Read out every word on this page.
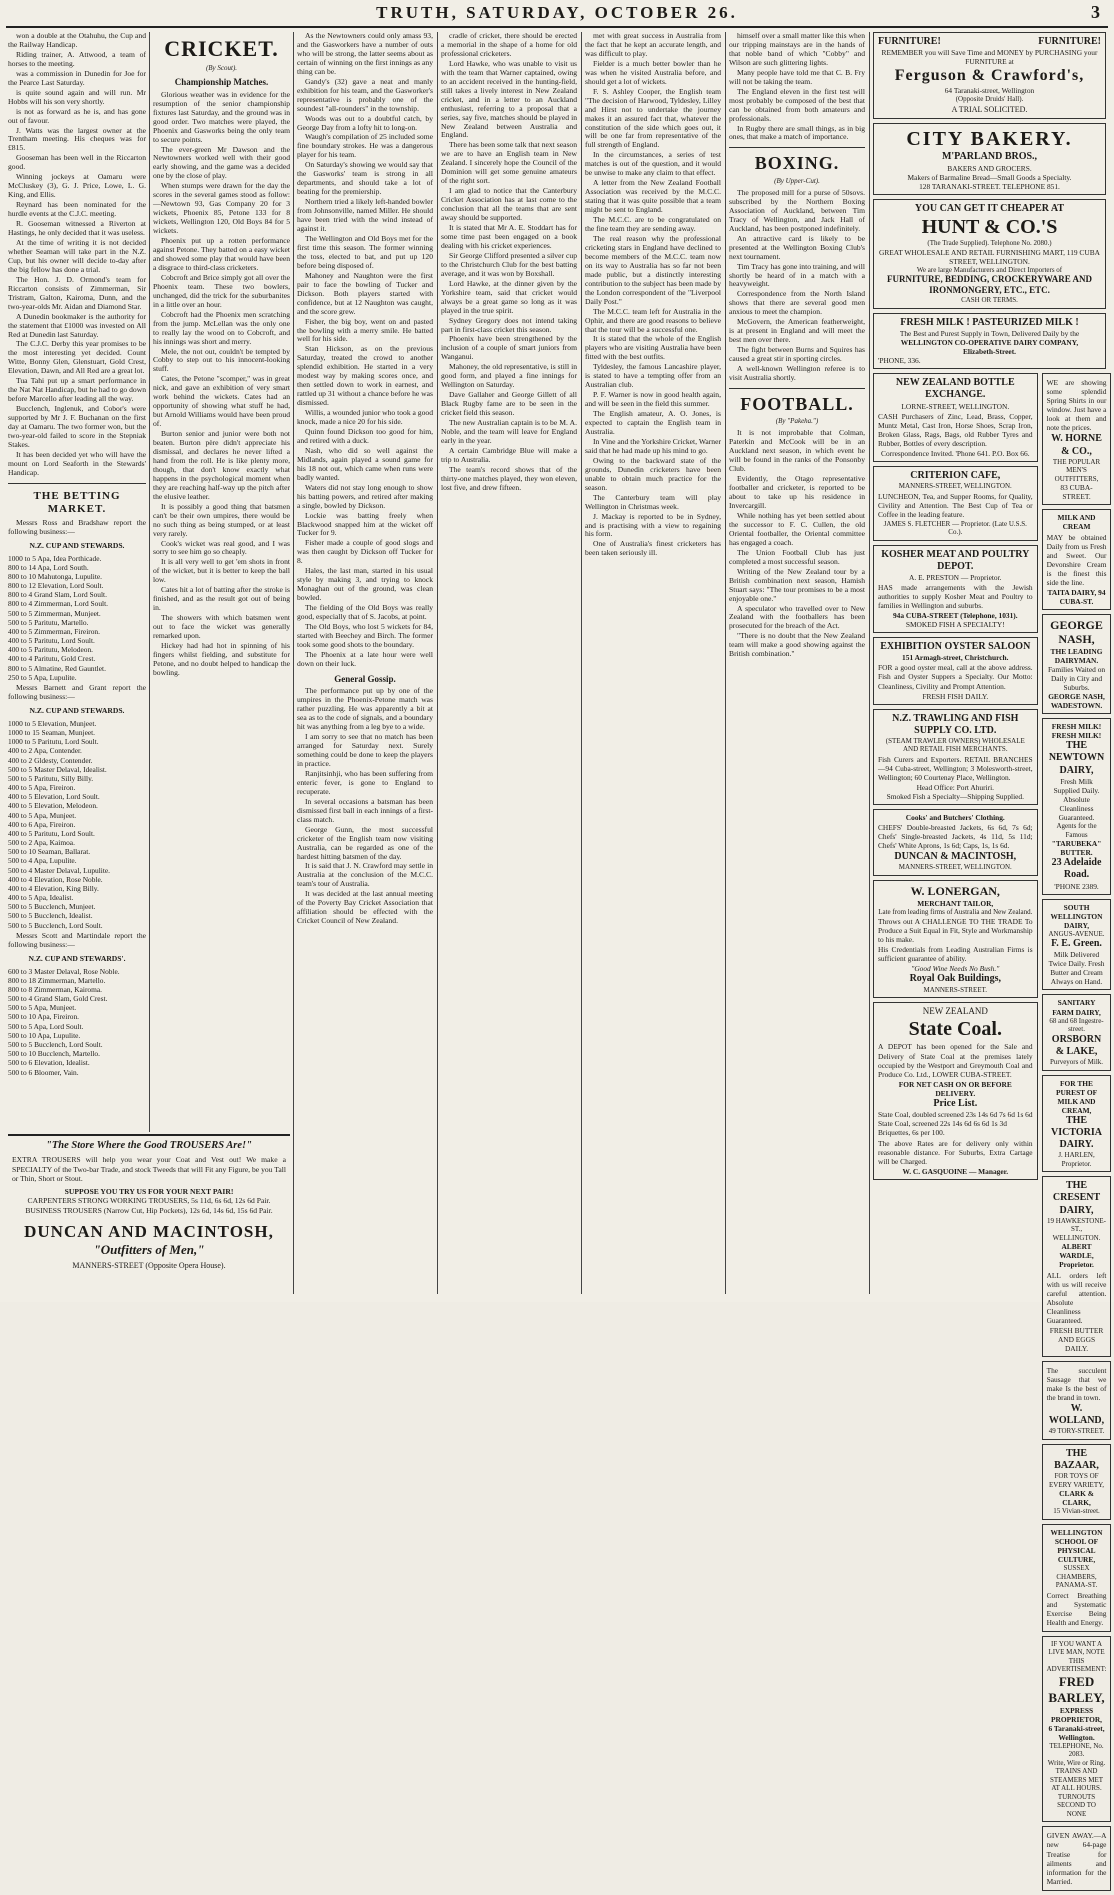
TRUTH, SATURDAY, OCTOBER 26.	3

won a double at the Otahuhu, the Cup and the Railway Handicap.

Riding trainer, A. Attwood, a team of horses to the meeting.

was a commission in Dunedin for Joe for the Pearce Last Saturday.

is quite sound again and will run. Mr Hobbs will his son very shortly.

is not as forward as he is, and has gone out of favour.

J. Watts was the largest owner at the Trentham meeting. His cheques was for £815.

Gooseman has been well in the Riccarton good.

Winning jockeys at Oamaru were McCluskey (3), G. J. Price, Lowe, L. G. King, and Ellis.

Reynard has been nominated for the hurdle events at the C.J.C. meeting.

R. Gooseman witnessed a Riverton at Hastings, he only decided that it was useless.

At the time of writing it is not decided whether Seaman will take part in the N.Z. Cup, but his owner will decide to-day after the big fellow has done a trial.

The Hon. J. D. Ormond's team for Riccarton consists of Zimmerman, Sir Tristram, Galton, Kairoma, Dunn, and the two-year-olds Mr. Aidan and Diamond Star.

A Dunedin bookmaker is the authority for the statement that £1000 was invested on All Red at Dunedin last Saturday.

The C.J.C. Derby this year promises to be the most interesting yet decided. Count Witte, Bonny Glen, Glenstuart, Gold Crest, Elevation, Dawn, and All Red are a great lot.

Tua Tahi put up a smart performance in the Nat Nat Handicap, but he had to go down before Marcello after leading all the way.

Bucclench, Inglenuk, and Cobor's were supported by Mr J. F. Buchanan on the first day at Oamaru. The two former won, but the two-year-old failed to score in the Stepniak Stakes.

It has been decided yet who will have the mount on Lord Seaforth in the Stewards' Handicap.

THE BETTING MARKET.

Messrs Ross and Bradshaw report the following business:—

N.Z. CUP AND STEWARDS.
1000 to 5 Apa, Idea Porthicade.
800 to 14 Apa, Lord South.
800 to 10 Mahutonga, Lupulite.
800 to 12 Elevation, Lord Soult.
800 to 4 Grand Slam, Lord Soult.
800 to 4 Zimmerman, Lord Soult.
500 to 5 Zimmerman, Munjeet.
500 to 5 Paritutu, Martello.
400 to 5 Zimmerman, Fireiron.
400 to 5 Paritutu, Lord Soult.
400 to 5 Paritutu, Melodeon.
400 to 4 Paritutu, Gold Crest.
800 to 5 Almatine, Red Gauntlet.
250 to 5 Apa, Lupulite.

Messrs Barnett and Grant report the following business:—

N.Z. CUP AND STEWARDS.
1000 to 5 Elevation, Munjeet.
1000 to 15 Seaman, Munjeet.
1000 to 5 Paritutu, Lord Soult.
400 to 2 Apa, Contender.
400 to 2 Gldesty, Contender.
500 to 5 Master Delaval, Idealist.
500 to 5 Paritutu, Silly Billy.
400 to 5 Apa, Fireiron.
400 to 5 Elevation, Lord Soult.
400 to 5 Elevation, Melodeon.
400 to 5 Apa, Munjeet.
400 to 6 Apa, Fireiron.
400 to 5 Paritutu, Lord Soult.
500 to 2 Apa, Kaimoa.
500 to 10 Seaman, Ballarat.
500 to 4 Apa, Lupulite.
500 to 4 Master Delaval, Lupulite.
400 to 4 Elevation, Rose Noble.
400 to 4 Elevation, King Billy.
400 to 5 Apa, Idealist.
500 to 5 Bucclench, Munjeet.
500 to 5 Bucclench, Idealist.
500 to 5 Bucclench, Lord Soult.

Messrs Scott and Martindale report the following business:—

N.Z. CUP AND STEWARDS'.
600 to 3 Master Delaval, Rose Noble.
800 to 18 Zimmerman, Martello.
800 to 8 Zimmerman, Kairoma.
500 to 4 Grand Slam, Gold Crest.
500 to 5 Apa, Munjeet.
500 to 10 Apa, Fireiron.
500 to 5 Apa, Lord Soult.
500 to 10 Apa, Lupulite.
500 to 5 Bucclench, Lord Soult.
500 to 10 Bucclench, Martello.
500 to 6 Elevation, Idealist.
500 to 6 Bloomer, Vain.
"The Store Where the Good TROUSERS Are!"
EXTRA TROUSERS will help you wear your Coat and Vest out! We make a SPECIALTY of the Two-bar Trade, and stock Tweeds that will Fit any Figure, be you Tall or Thin, Short or Stout.
SUPPOSE YOU TRY US FOR YOUR NEXT PAIR!
CARPENTERS STRONG WORKING TROUSERS, 5s 11d, 6s 6d, 12s 6d Pair.
BUSINESS TROUSERS (Narrow Cut, Hip Pockets), 12s 6d, 14s 6d, 15s 6d Pair.
DUNCAN AND MACINTOSH,
"Outfitters of Men,"
MANNERS-STREET (Opposite Opera House).
CRICKET.
(By Scout).
Championship Matches.

Glorious weather was in evidence for the resumption of the senior championship fixtures last Saturday, and the ground was in good order. Two matches were played, the Phoenix and Gasworks being the only team to secure points.

The ever-green Mr Dawson and the Newtowners worked well with their good early showing, and the game was a decided one by the close of play.

When stumps were drawn for the day the scores in the several games stood as follow:—Newtown 93, Gas Company 20 for 3 wickets, Phoenix 85, Petone 133 for 8 wickets, Wellington 120, Old Boys 84 for 5 wickets.

Phoenix put up a rotten performance against Petone. They batted on a easy wicket and showed some play that would have been a disgrace to third-class cricketers.

Cobcroft and Brice simply got all over the Phoenix team. These two bowlers, unchanged, did the trick for the suburbanites in a little over an hour.

Cobcroft had the Phoenix men scratching from the jump. McLellan was the only one to really lay the wood on to Cobcroft, and his innings was short and merry.

Mele, the not out, couldn't be tempted by Cobby to step out to his innocent-looking stuff.

Cates, the Petone "scomper," was in great nick, and gave an exhibition of very smart work behind the wickets. Cates had an opportunity of showing what stuff he had, but Arnold Williams would have been proud of.

Burton senior and junior were both not beaten. Burton père didn't appreciate his dismissal, and declares he never lifted a hand from the roll. He is like plenty more, though, that don't know exactly what happens in the psychological moment when they are reaching half-way up the pitch after the elusive leather.

It is possibly a good thing that batsmen can't be their own umpires, there would be no such thing as being stumped, or at least very rarely.

Cook's wicket was real good, and I was sorry to see him go so cheaply.

It is all very well to get 'em shots in front of the wicket, but it is better to keep the ball low.

Cates hit a lot of batting after the stroke is finished, and as the result got out of being in.

The showers with which batsmen went out to face the wicket was generally remarked upon.

Hickey had had hot in spinning of his fingers whilst fielding, and substitute for Petone, and no doubt helped to handicap the bowling.

As the Newtowners could only amass 93, and the Gasworkers have a number of outs who will be strong, the latter seems about as certain of winning on the first innings as any thing can be.

Gandy's (32) gave a neat and manly exhibition for his team, and the Gasworker's representative is probably one of the soundest "all-rounders" in the township.

Woods was out to a doubtful catch, by George Day from a lofty hit to long-on.

Waugh's compilation of 25 included some fine boundary strokes. He was a dangerous player for his team.

On Saturday's showing we would say that the Gasworks' team is strong in all departments, and should take a lot of beating for the premiership.

Northern tried a likely left-handed bowler from Johnsonville, named Miller. He should have been tried with the wind instead of against it.

The Wellington and Old Boys met for the first time this season. The former winning the toss, elected to bat, and put up 120 before being disposed of.

Mahoney and Naughton were the first pair to face the bowling of Tucker and Dickson. Both players started with confidence, but at 12 Naughton was caught, and the score grew.

Fisher, the big boy, went on and pasted the bowling with a merry smile. He batted well for his side.

Stan Hickson, as on the previous Saturday, treated the crowd to another splendid exhibition. He started in a very modest way by making scores once, and then settled down to work in earnest, and rattled up 31 without a chance before he was dismissed.

Willis, a wounded junior who took a good knock, made a nice 20 for his side.

Quinn found Dickson too good for him, and retired with a duck.

Nash, who did so well against the Midlands, again played a sound game for his 18 not out, which came when runs were badly wanted.

Waters did not stay long enough to show his batting powers, and retired after making a single, bowled by Dickson.

Lockie was batting freely when Blackwood snapped him at the wicket off Tucker for 9.

Fisher made a couple of good slogs and was then caught by Dickson off Tucker for 8.

Hales, the last man, started in his usual style by making 3, and trying to knock Monaghan out of the ground, was clean bowled.

The fielding of the Old Boys was really good, especially that of S. Jacobs, at point.

The Old Boys, who lost 5 wickets for 84, started with Beechey and Birch. The former took some good shots to the boundary.

The Phoenix at a late hour were well down on their luck.

General Gossip.

The performance put up by one of the umpires in the Phoenix-Petone match was rather puzzling. He was apparently a bit at sea as to the code of signals, and a boundary hit was anything from a leg bye to a wide.

I am sorry to see that no match has been arranged for Saturday next. Surely something could be done to keep the players in practice.

Ranjitsinhji, who has been suffering from enteric fever, is gone to England to recuperate.

In several occasions a batsman has been dismissed first ball in each innings of a first-class match.

George Gunn, the most successful cricketer of the English team now visiting Australia, can be regarded as one of the hardest hitting batsmen of the day.

It is said that J. N. Crawford may settle in Australia at the conclusion of the M.C.C. team's tour of Australia.

It was decided at the last annual meeting of the Poverty Bay Cricket Association that affiliation should be effected with the Cricket Council of New Zealand.

cradle of cricket, there should be erected a memorial in the shape of a home for old professional cricketers.

Lord Hawke, who was unable to visit us with the team that Warner captained, owing to an accident received in the hunting-field, still takes a lively interest in New Zealand cricket, and in a letter to an Auckland enthusiast, referring to a proposal that a series, say five, matches should be played in New Zealand between Australia and England.

There has been some talk that next season we are to have an English team in New Zealand. I sincerely hope the Council of the Dominion will get some genuine amateurs of the right sort.

I am glad to notice that the Canterbury Cricket Association has at last come to the conclusion that all the teams that are sent away should be supported.

It is stated that Mr A. E. Stoddart has for some time past been engaged on a book dealing with his cricket experiences.

Sir George Clifford presented a silver cup to the Christchurch Club for the best batting average, and it was won by Boxshall.

Lord Hawke, at the dinner given by the Yorkshire team, said that cricket would always be a great game so long as it was played in the true spirit.

Sydney Gregory does not intend taking part in first-class cricket this season.

Phoenix have been strengthened by the inclusion of a couple of smart juniors from Wanganui.

Mahoney, the old representative, is still in good form, and played a fine innings for Wellington on Saturday.

Dave Gallaher and George Gillett of all Black Rugby fame are to be seen in the cricket field this season.

The new Australian captain is to be M. A. Noble, and the team will leave for England early in the year.

A certain Cambridge Blue will make a trip to Australia.

The team's record shows that of the thirty-one matches played, they won eleven, lost five, and drew fifteen.

met with great success in Australia from the fact that he kept an accurate length, and was difficult to play.

Fielder is a much better bowler than he was when he visited Australia before, and should get a lot of wickets.

F. S. Ashley Cooper, the English team "The decision of Harwood, Tyldesley, Lilley and Hirst not to undertake the journey makes it an assured fact that, whatever the constitution of the side which goes out, it will be one far from representative of the full strength of England.

In the circumstances, a series of test matches is out of the question, and it would be unwise to make any claim to that effect.

A letter from the New Zealand Football Association was received by the M.C.C. stating that it was quite possible that a team might be sent to England.

The M.C.C. are to be congratulated on the fine team they are sending away.

The real reason why the professional cricketing stars in England have declined to become members of the M.C.C. team now on its way to Australia has so far not been made public, but a distinctly interesting contribution to the subject has been made by the London correspondent of the "Liverpool Daily Post."

The M.C.C. team left for Australia in the Ophir, and there are good reasons to believe that the tour will be a successful one.

It is stated that the whole of the English players who are visiting Australia have been fitted with the best outfits.

Tyldesley, the famous Lancashire player, is stated to have a tempting offer from an Australian club.

P. F. Warner is now in good health again, and will be seen in the field this summer.

The English amateur, A. O. Jones, is expected to captain the English team in Australia.

In Vine and the Yorkshire Cricket, Warner said that he had made up his mind to go.

Owing to the backward state of the grounds, Dunedin cricketers have been unable to obtain much practice for the season.

The Canterbury team will play Wellington in Christmas week.

J. Mackay is reported to be in Sydney, and is practising with a view to regaining his form.

One of Australia's finest cricketers has been taken seriously ill.

himself over a small matter like this when our tripping mainstays are in the hands of that noble band of which "Cobby" and Wilson are such glittering lights.

Many people have told me that C. B. Fry will not be taking the team.

The England eleven in the first test will most probably be composed of the best that can be obtained from both amateurs and professionals.

In Rugby there are small things, as in big ones, that make a match of importance.

BOXING.
(By Upper-Cut).

The proposed mill for a purse of 50sovs. subscribed by the Northern Boxing Association of Auckland, between Tim Tracy of Wellington, and Jack Hall of Auckland, has been postponed indefinitely.

An attractive card is likely to be presented at the Wellington Boxing Club's next tournament.

Tim Tracy has gone into training, and will shortly be heard of in a match with a heavyweight.

Correspondence from the North Island shows that there are several good men anxious to meet the champion.

McGovern, the American featherweight, is at present in England and will meet the best men over there.

The fight between Burns and Squires has caused a great stir in sporting circles.

A well-known Wellington referee is to visit Australia shortly.

FOOTBALL.
(By "Pakeha.")

It is not improbable that Colman, Paterkin and McCook will be in an Auckland next season, in which event he will be found in the ranks of the Ponsonby Club.

Evidently, the Otago representative footballer and cricketer, is reported to be about to take up his residence in Invercargill.

While nothing has yet been settled about the successor to F. C. Cullen, the old Oriental footballer, the Oriental committee has engaged a coach.

The Union Football Club has just completed a most successful season.

Writing of the New Zealand tour by a British combination next season, Hamish Stuart says: "The tour promises to be a most enjoyable one."

A speculator who travelled over to New Zealand with the footballers has been prosecuted for the breach of the Act.

"There is no doubt that the New Zealand team will make a good showing against the British combination."

FURNITURE!	FURNITURE!
REMEMBER you will Save Time and MONEY by PURCHASING your FURNITURE at
Ferguson & Crawford's,
64 Taranaki-street, Wellington
(Opposite Druids' Hall).
A TRIAL SOLICITED.
CITY BAKERY.
M'PARLAND BROS.,
BAKERS AND GROCERS.
Makers of Barmaline Bread—Small Goods a Specialty.
128 TARANAKI-STREET. TELEPHONE 851.
YOU CAN GET IT CHEAPER AT
HUNT & CO.'S
(The Trade Supplied). Telephone No. 2080.)
GREAT WHOLESALE AND RETAIL FURNISHING MART, 119 CUBA STREET, WELLINGTON.
We are large Manufacturers and Direct Importers of
FURNITURE, BEDDING, CROCKERYWARE AND IRONMONGERY, ETC., ETC.
CASH OR TERMS.
FRESH MILK ! PASTEURIZED MILK !
The Best and Purest Supply in Town, Delivered Daily by the
WELLINGTON CO-OPERATIVE DAIRY COMPANY,
Elizabeth-Street.
'PHONE, 336.
NEW ZEALAND BOTTLE EXCHANGE.
LORNE-STREET, WELLINGTON.

CASH Purchasers of Zinc, Lead, Brass, Copper, Muntz Metal, Cast Iron, Horse Shoes, Scrap Iron, Broken Glass, Rags, Bags, old Rubber Tyres and Rubber, Bottles of every description.

Correspondence Invited. 'Phone 641. P.O. Box 66.
CRITERION CAFE,
MANNERS-STREET, WELLINGTON.

LUNCHEON, Tea, and Supper Rooms, for Quality, Civility and Attention. The Best Cup of Tea or Coffee in the leading feature.

JAMES S. FLETCHER — Proprietor. (Late U.S.S. Co.).
KOSHER MEAT AND POULTRY DEPOT.
A. E. PRESTON — Proprietor.

HAS made arrangements with the Jewish authorities to supply Kosher Meat and Poultry to families in Wellington and suburbs.

94a CUBA-STREET (Telephone, 1031).
SMOKED FISH A SPECIALTY!
EXHIBITION OYSTER SALOON
151 Armagh-street, Christchurch.

FOR a good oyster meal, call at the above address. Fish and Oyster Suppers a Specialty. Our Motto: Cleanliness, Civility and Prompt Attention.

FRESH FISH DAILY.
N.Z. TRAWLING AND FISH SUPPLY CO. LTD.
(STEAM TRAWLER OWNERS) WHOLESALE AND RETAIL FISH MERCHANTS.

Fish Curers and Exporters. RETAIL BRANCHES—94 Cuba-street, Wellington; 3 Molesworth-street, Wellington; 60 Courtenay Place, Wellington.

Head Office: Port Ahuriri.
Smoked Fish a Specialty—Shipping Supplied.
Cooks' and Butchers' Clothing.

CHEFS' Double-breasted Jackets, 6s 6d, 7s 6d; Chefs' Single-breasted Jackets, 4s 11d, 5s 11d; Chefs' White Aprons, 1s 6d; Caps, 1s, 1s 6d.

DUNCAN & MACINTOSH,
MANNERS-STREET, WELLINGTON.
W. LONERGAN,
MERCHANT TAILOR,
Late from leading firms of Australia and New Zealand.

Throws out A CHALLENGE TO THE TRADE To Produce a Suit Equal in Fit, Style and Workmanship to his make.

His Credentials from Leading Australian Firms is sufficient guarantee of ability.

"Good Wine Needs No Bush."
Royal Oak Buildings,
MANNERS-STREET.
NEW ZEALAND
State Coal.

A DEPOT has been opened for the Sale and Delivery of State Coal at the premises lately occupied by the Westport and Greymouth Coal and Produce Co. Ltd., LOWER CUBA-STREET.

FOR NET CASH ON OR BEFORE DELIVERY.
Price List.
State Coal, doubled screened 23s 14s 6d 7s 6d 1s 6d
State Coal, screened 22s 14s 6d 6s 6d 1s 3d
Briquettes, 6s per 100.

The above Rates are for delivery only within reasonable distance. For Suburbs, Extra Cartage will be Charged.

W. C. GASQUOINE — Manager.

WE are showing some splendid Spring Shirts in our window. Just have a look at them and note the prices.

W. HORNE & CO.,
THE POPULAR MEN'S OUTFITTERS,
83 CUBA-STREET.
MILK AND CREAM

MAY be obtained Daily from us Fresh and Sweet. Our Devonshire Cream is the finest this side the line.

TAITA DAIRY, 94 CUBA-ST.
GEORGE NASH,
THE LEADING DAIRYMAN.
Families Waited on Daily in City and Suburbs.
GEORGE NASH, WADESTOWN.
FRESH MILK! FRESH MILK!
THE NEWTOWN DAIRY,
Fresh Milk Supplied Daily. Absolute Cleanliness Guaranteed.
Agents for the Famous
"TARUBEKA" BUTTER.
23 Adelaide Road.
'PHONE 2389.
SOUTH WELLINGTON DAIRY,
ANGUS-AVENUE.
F. E. Green.
Milk Delivered Twice Daily. Fresh Butter and Cream Always on Hand.
SANITARY FARM DAIRY,
68 and 68 Ingestre-street.
ORSBORN & LAKE,
Purveyors of Milk.
FOR THE PUREST OF MILK AND CREAM,
THE VICTORIA DAIRY.
J. HARLEN, Proprietor.
THE CRESENT DAIRY,
19 HAWKESTONE-ST., WELLINGTON.
ALBERT WARDLE, Proprietor.

ALL orders left with us will receive careful attention. Absolute Cleanliness Guaranteed.

FRESH BUTTER AND EGGS DAILY.

The succulent Sausage that we make Is the best of the brand in town.

W. WOLLAND,
49 TORY-STREET.
THE BAZAAR,
FOR TOYS OF EVERY VARIETY,
CLARK & CLARK,
15 Vivian-street.
WELLINGTON SCHOOL OF PHYSICAL CULTURE,
SUSSEX CHAMBERS, PANAMA-ST.

Correct Breathing and Systematic Exercise Being Health and Energy.

IF YOU WANT A LIVE MAN, NOTE THIS ADVERTISEMENT:
FRED BARLEY,
EXPRESS PROPRIETOR,
6 Taranaki-street, Wellington.
TELEPHONE, No. 2083.
Write, Wire or Ring.
TRAINS AND STEAMERS MET AT ALL HOURS.
TURNOUTS SECOND TO NONE

GIVEN AWAY.—A new 64-page Treatise for ailments and information for the Married.
